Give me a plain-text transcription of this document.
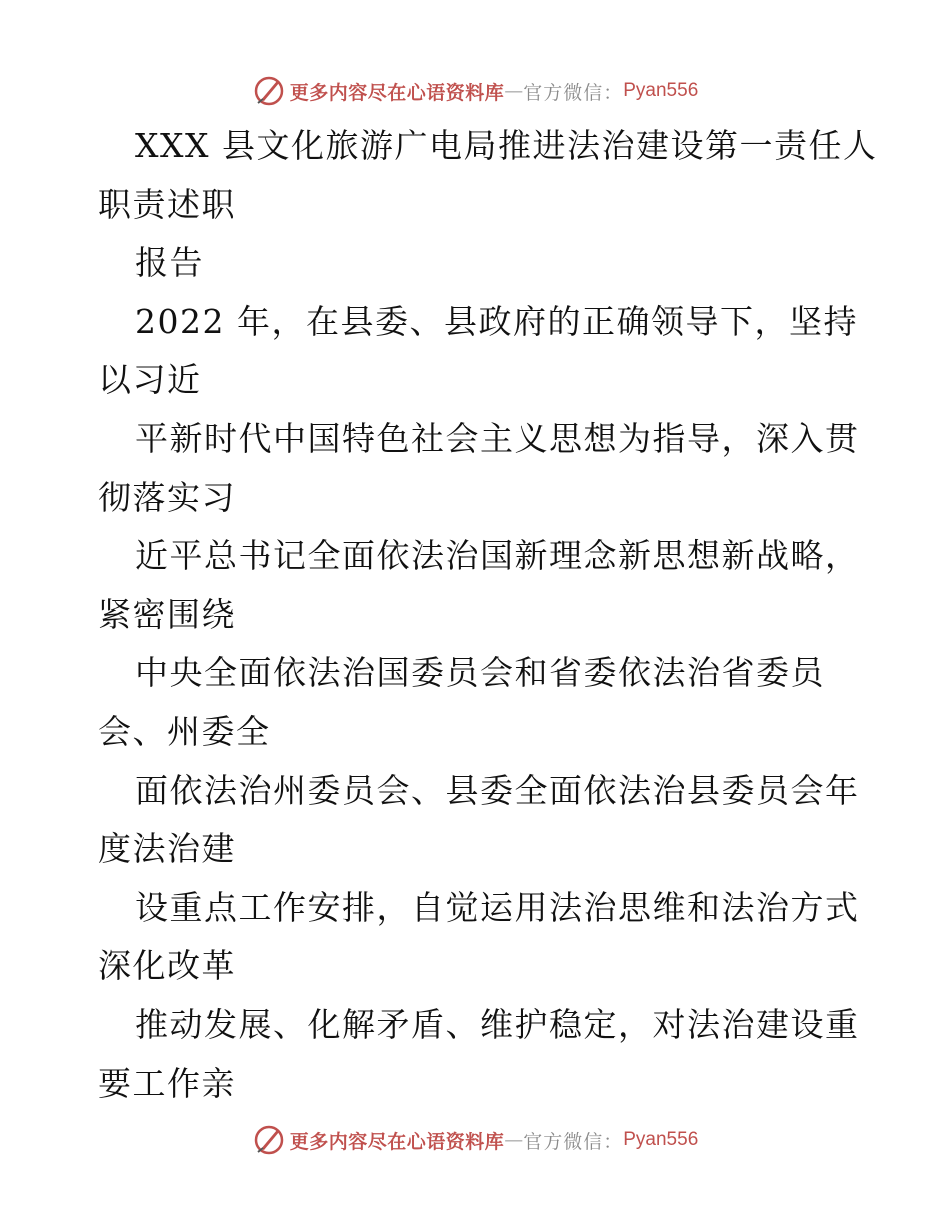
更多内容尽在心语资料库 — 官方微信： Pyan556
XXX 县文化旅游广电局推进法治建设第一责任人
职责述职
报告
2022 年，在县委、县政府的正确领导下，坚持
以习近
平新时代中国特色社会主义思想为指导，深入贯
彻落实习
近平总书记全面依法治国新理念新思想新战略，
紧密围绕
中央全面依法治国委员会和省委依法治省委员
会、州委全
面依法治州委员会、县委全面依法治县委员会年
度法治建
设重点工作安排，自觉运用法治思维和法治方式
深化改革
推动发展、化解矛盾、维护稳定，对法治建设重
要工作亲
更多内容尽在心语资料库 — 官方微信： Pyan556
